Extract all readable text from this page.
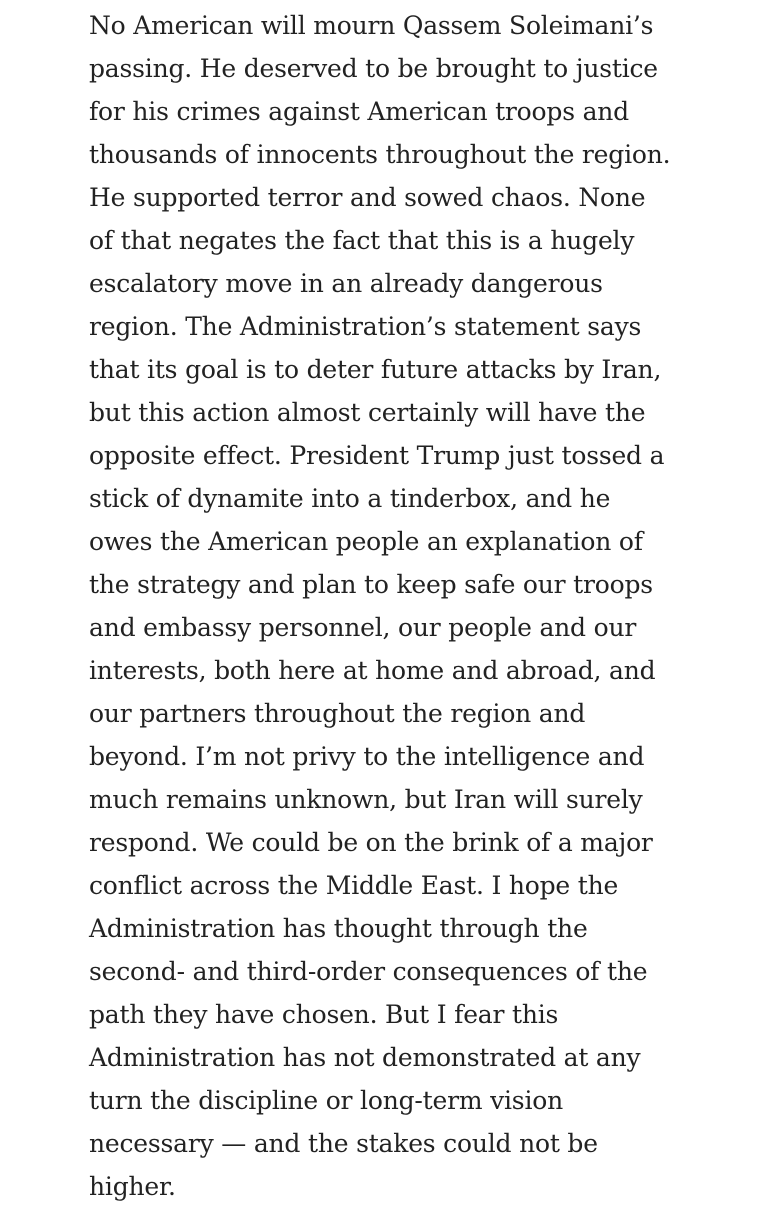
No American will mourn Qassem Soleimani’s
passing. He deserved to be brought to justice
for his crimes against American troops and
thousands of innocents throughout the region.
He supported terror and sowed chaos. None
of that negates the fact that this is a hugely
escalatory move in an already dangerous
region. The Administration’s statement says
that its goal is to deter future attacks by Iran,
but this action almost certainly will have the
opposite effect. President Trump just tossed a
stick of dynamite into a tinderbox, and he
owes the American people an explanation of
the strategy and plan to keep safe our troops
and embassy personnel, our people and our
interests, both here at home and abroad, and
our partners throughout the region and
beyond. I’m not privy to the intelligence and
much remains unknown, but Iran will surely
respond. We could be on the brink of a major
conflict across the Middle East. I hope the
Administration has thought through the
second- and third-order consequences of the
path they have chosen. But I fear this
Administration has not demonstrated at any
turn the discipline or long-term vision
necessary — and the stakes could not be
higher.
